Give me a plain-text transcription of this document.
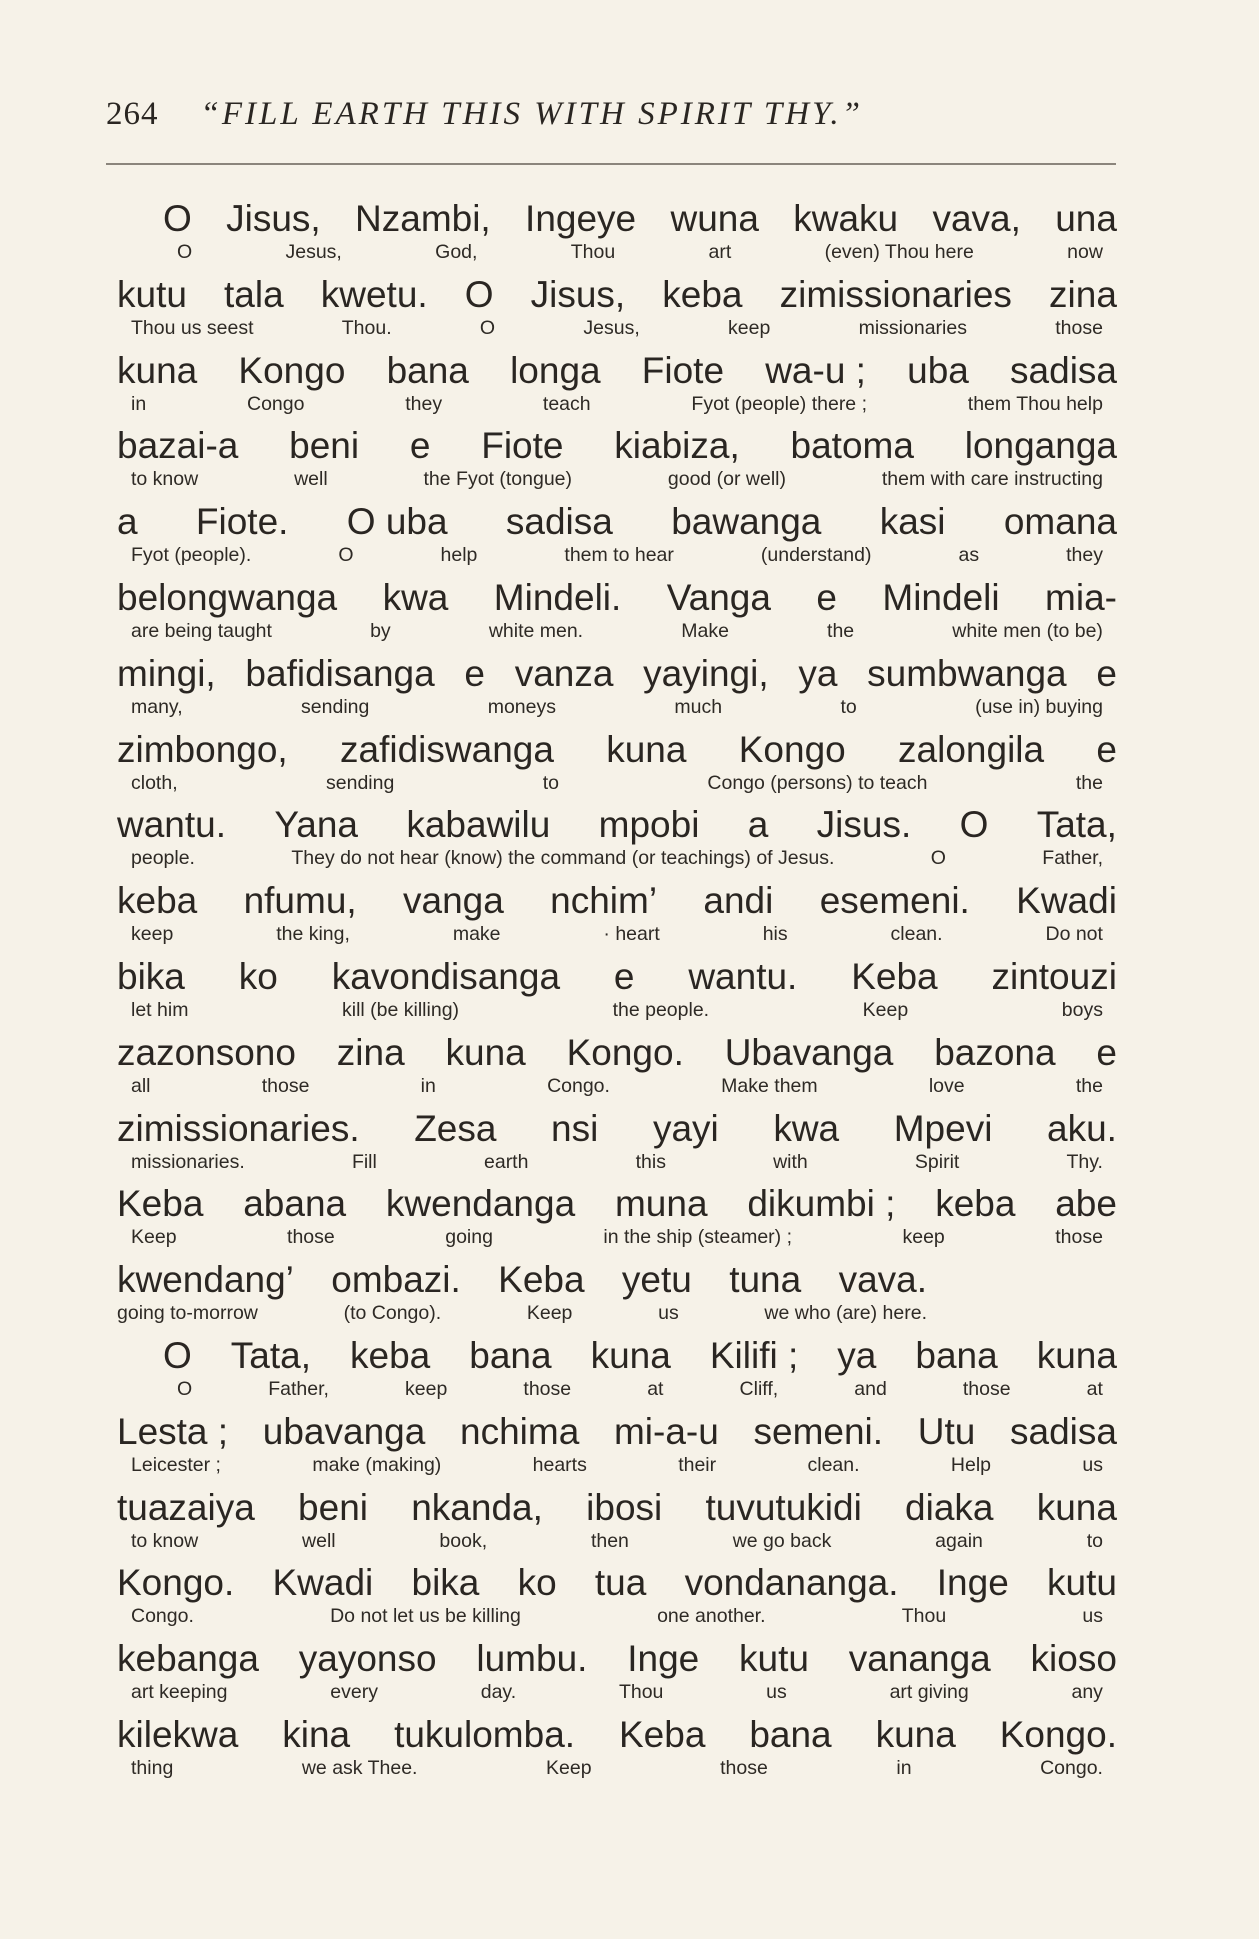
264 “FILL EARTH THIS WITH SPIRIT THY.”
O Jisus, Nzambi, Ingeye wuna kwaku vava, una
O	Jesus,	God,	Thou	art	(even) Thou here	now
kutu tala kwetu. O Jisus, keba zimissionaries zina
Thou us seest	Thou.	O	Jesus,	keep	missionaries	those
kuna Kongo bana longa Fiote wa-u ; uba sadisa
in	Congo	they	teach	Fyot (people) there ;	them Thou help
bazai-a beni e Fiote kiabiza, batoma longanga
to know	well	the Fyot (tongue)	good (or well)	them with care instructing
a Fiote. O uba sadisa bawanga kasi omana
Fyot (people).	O	help	them to hear	(understand)	as	they
belongwanga kwa Mindeli. Vanga e Mindeli mia-
are being taught	by	white men.	Make	the	white men (to be)
mingi, bafidisanga e vanza yayingi, ya sumbwanga e
many,	sending	moneys	much	to	(use in) buying
zimbongo, zafidiswanga kuna Kongo zalongila e
cloth,	sending	to	Congo (persons) to teach	the
wantu. Yana kabawilu mpobi a Jisus. O Tata,
people.	They do not hear (know) the command (or teachings) of Jesus.	O	Father,
keba nfumu, vanga nchim’ andi esemeni. Kwadi
keep	the king,	make	· heart	his	clean.	Do not
bika ko kavondisanga e wantu. Keba zintouzi
let him	kill (be killing)	the people.	Keep	boys
zazonsono zina kuna Kongo. Ubavanga bazona e
all	those	in	Congo.	Make them	love	the
zimissionaries. Zesa nsi yayi kwa Mpevi aku.
missionaries.	Fill	earth	this	with	Spirit	Thy.
Keba abana kwendanga muna dikumbi ; keba abe
Keep	those	going	in the ship (steamer) ;	keep	those
kwendang’ ombazi. Keba yetu tuna vava.
going to-morrow	(to Congo).	Keep	us	we who (are) here.
O Tata, keba bana kuna Kilifi ; ya bana kuna
O	Father,	keep	those	at	Cliff,	and	those	at
Lesta ; ubavanga nchima mi-a-u semeni. Utu sadisa
Leicester ;	make (making)	hearts	their	clean.	Help	us
tuazaiya beni nkanda, ibosi tuvutukidi diaka kuna
to know	well	book,	then	we go back	again	to
Kongo. Kwadi bika ko tua vondananga. Inge kutu
Congo.	Do not let us be killing	one another.	Thou	us
kebanga yayonso lumbu. Inge kutu vananga kioso
art keeping	every	day.	Thou	us	art giving	any
kilekwa kina tukulomba. Keba bana kuna Kongo.
thing	we ask Thee.	Keep	those	in	Congo.
